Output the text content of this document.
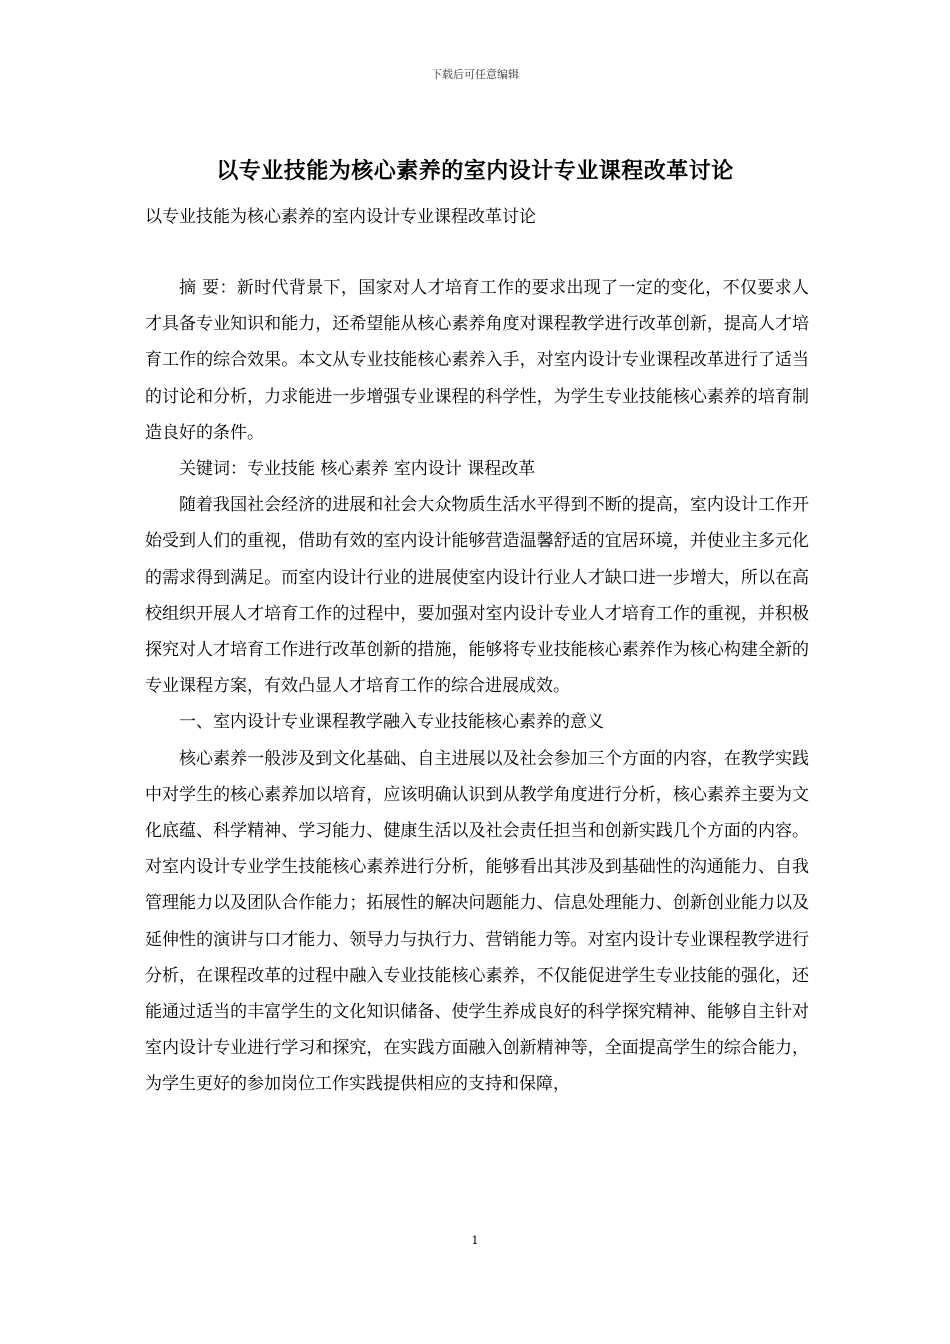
下载后可任意编辑
以专业技能为核心素养的室内设计专业课程改革讨论
以专业技能为核心素养的室内设计专业课程改革讨论

摘 要：新时代背景下，国家对人才培育工作的要求出现了一定的变化，不仅要求人才具备专业知识和能力，还希望能从核心素养角度对课程教学进行改革创新，提高人才培育工作的综合效果。本文从专业技能核心素养入手，对室内设计专业课程改革进行了适当的讨论和分析，力求能进一步增强专业课程的科学性，为学生专业技能核心素养的培育制造良好的条件。

关键词：专业技能 核心素养 室内设计 课程改革

随着我国社会经济的进展和社会大众物质生活水平得到不断的提高，室内设计工作开始受到人们的重视，借助有效的室内设计能够营造温馨舒适的宜居环境，并使业主多元化的需求得到满足。而室内设计行业的进展使室内设计行业人才缺口进一步增大，所以在高校组织开展人才培育工作的过程中，要加强对室内设计专业人才培育工作的重视，并积极探究对人才培育工作进行改革创新的措施，能够将专业技能核心素养作为核心构建全新的专业课程方案，有效凸显人才培育工作的综合进展成效。

一、室内设计专业课程教学融入专业技能核心素养的意义

核心素养一般涉及到文化基础、自主进展以及社会参加三个方面的内容，在教学实践中对学生的核心素养加以培育，应该明确认识到从教学角度进行分析，核心素养主要为文化底蕴、科学精神、学习能力、健康生活以及社会责任担当和创新实践几个方面的内容。对室内设计专业学生技能核心素养进行分析，能够看出其涉及到基础性的沟通能力、自我管理能力以及团队合作能力；拓展性的解决问题能力、信息处理能力、创新创业能力以及延伸性的演讲与口才能力、领导力与执行力、营销能力等。对室内设计专业课程教学进行分析，在课程改革的过程中融入专业技能核心素养，不仅能促进学生专业技能的强化，还能通过适当的丰富学生的文化知识储备、使学生养成良好的科学探究精神、能够自主针对室内设计专业进行学习和探究，在实践方面融入创新精神等，全面提高学生的综合能力，为学生更好的参加岗位工作实践提供相应的支持和保障，

1
